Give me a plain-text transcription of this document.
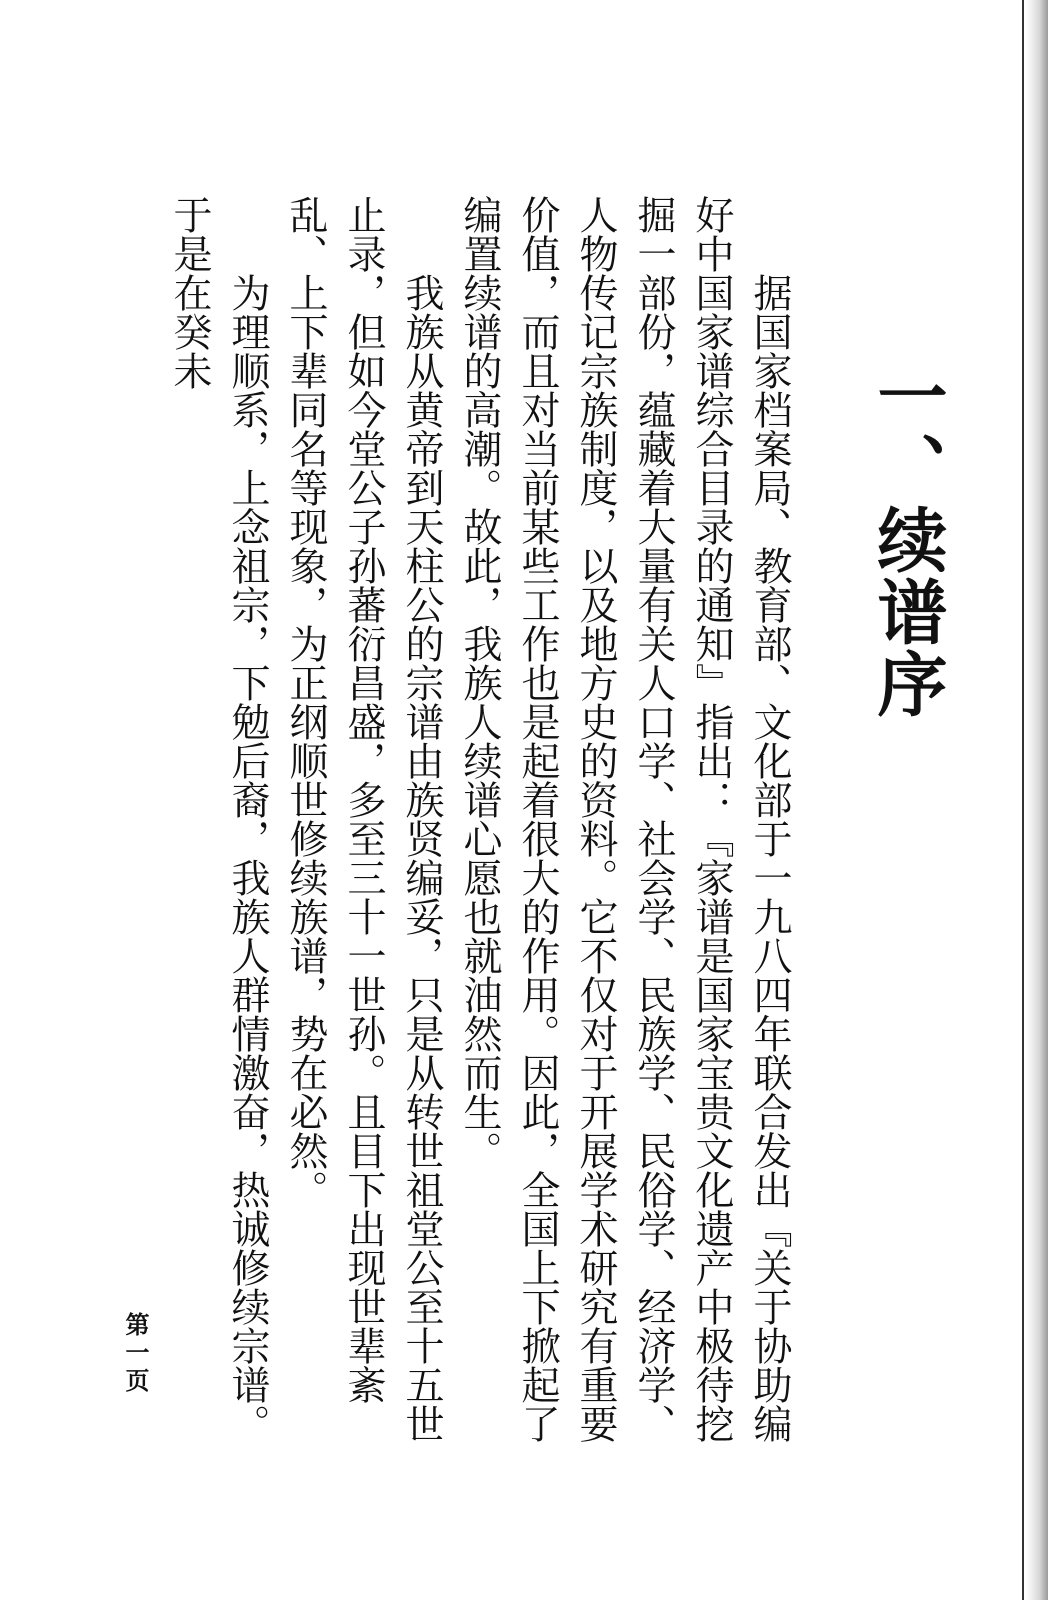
一、续谱序

据国家档案局、教育部、文化部于一九八四年联合发出『关于协助编好中国家谱综合目录的通知』指出：『家谱是国家宝贵文化遗产中极待挖掘一部份，蕴藏着大量有关人口学、社会学、民族学、民俗学、经济学、人物传记宗族制度，以及地方史的资料。它不仅对于开展学术研究有重要价值，而且对当前某些工作也是起着很大的作用。因此，全国上下掀起了编置续谱的高潮。故此，我族人续谱心愿也就油然而生。

我族从黄帝到天柱公的宗谱由族贤编妥，只是从转世祖堂公至十五世止录，但如今堂公子孙蕃衍昌盛，多至三十一世孙。且目下出现世辈紊乱、上下辈同名等现象，为正纲顺世修续族谱，势在必然。

为理顺系，上念祖宗，下勉后裔，我族人群情激奋，热诚修续宗谱。于是在癸未

第一页
